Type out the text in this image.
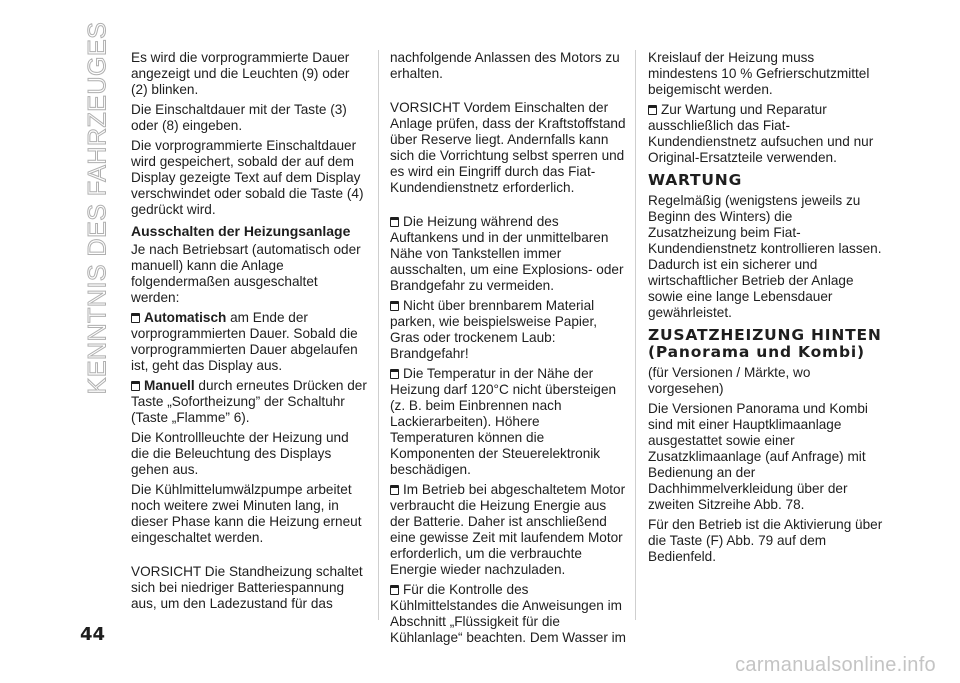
KENNTNIS DES FAHRZEUGES Es wird die vorprogrammierte Dauer angezeigt und die Leuchten (9) oder (2) blinken.

Die Einschaltdauer mit der Taste (3) oder (8) eingeben.

Die vorprogrammierte Einschaltdauer wird gespeichert, sobald der auf dem Display gezeigte Text auf dem Display verschwindet oder sobald die Taste (4) gedrückt wird.

Ausschalten der Heizungsanlage

Je nach Betriebsart (automatisch oder manuell) kann die Anlage folgendermaßen ausgeschaltet werden:

Automatisch am Ende der vorprogrammierten Dauer. Sobald die vorprogrammierten Dauer abgelaufen ist, geht das Display aus.

Manuell durch erneutes Drücken der Taste „Sofortheizung” der Schaltuhr (Taste „Flamme” 6).

Die Kontrollleuchte der Heizung und die die Beleuchtung des Displays gehen aus.

Die Kühlmittelumwälzpumpe arbeitet noch weitere zwei Minuten lang, in dieser Phase kann die Heizung erneut eingeschaltet werden.

VORSICHT Die Standheizung schaltet sich bei niedriger Batteriespannung aus, um den Ladezustand für das

nachfolgende Anlassen des Motors zu erhalten.

VORSICHT Vordem Einschalten der Anlage prüfen, dass der Kraftstoffstand über Reserve liegt. Andernfalls kann sich die Vorrichtung selbst sperren und es wird ein Eingriff durch das Fiat-Kundendienstnetz erforderlich.

Die Heizung während des Auftankens und in der unmittelbaren Nähe von Tankstellen immer ausschalten, um eine Explosions- oder Brandgefahr zu vermeiden.

Nicht über brennbarem Material parken, wie beispielsweise Papier, Gras oder trockenem Laub: Brandgefahr!

Die Temperatur in der Nähe der Heizung darf 120°C nicht übersteigen (z. B. beim Einbrennen nach Lackierarbeiten). Höhere Temperaturen können die Komponenten der Steuerelektronik beschädigen.

Im Betrieb bei abgeschaltetem Motor verbraucht die Heizung Energie aus der Batterie. Daher ist anschließend eine gewisse Zeit mit laufendem Motor erforderlich, um die verbrauchte Energie wieder nachzuladen.

Für die Kontrolle des Kühlmittelstandes die Anweisungen im Abschnitt „Flüssigkeit für die Kühlanlage“ beachten. Dem Wasser im

Kreislauf der Heizung muss mindestens 10 % Gefrierschutzmittel beigemischt werden.

Zur Wartung und Reparatur ausschließlich das Fiat-Kundendienstnetz aufsuchen und nur Original-Ersatzteile verwenden.

WARTUNG

Regelmäßig (wenigstens jeweils zu Beginn des Winters) die Zusatzheizung beim Fiat-Kundendienstnetz kontrollieren lassen. Dadurch ist ein sicherer und wirtschaftlicher Betrieb der Anlage sowie eine lange Lebensdauer gewährleistet.

ZUSATZHEIZUNG HINTEN (Panorama und Kombi)

(für Versionen / Märkte, wo vorgesehen)

Die Versionen Panorama und Kombi sind mit einer Hauptklimaanlage ausgestattet sowie einer Zusatzklimaanlage (auf Anfrage) mit Bedienung an der Dachhimmelverkleidung über der zweiten Sitzreihe Abb. 78.

Für den Betrieb ist die Aktivierung über die Taste (F) Abb. 79 auf dem Bedienfeld.

44
carmanualsonline.info
